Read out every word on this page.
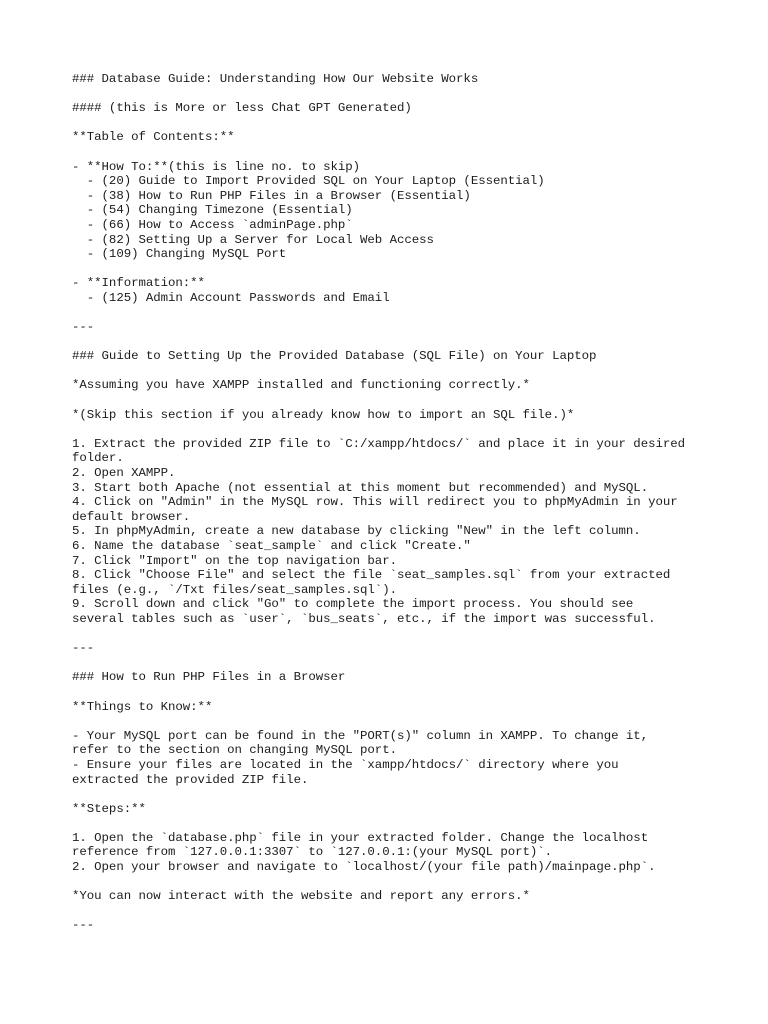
### Database Guide: Understanding How Our Website Works
#### (this is More or less Chat GPT Generated)
**Table of Contents:**
- **How To:**(this is line no. to skip)
- (20) Guide to Import Provided SQL on Your Laptop (Essential)
- (38) How to Run PHP Files in a Browser (Essential)
- (54) Changing Timezone (Essential)
- (66) How to Access `adminPage.php`
- (82) Setting Up a Server for Local Web Access
- (109) Changing MySQL Port
- **Information:**
- (125) Admin Account Passwords and Email
---
### Guide to Setting Up the Provided Database (SQL File) on Your Laptop
*Assuming you have XAMPP installed and functioning correctly.*
*(Skip this section if you already know how to import an SQL file.)*
1. Extract the provided ZIP file to `C:/xampp/htdocs/` and place it in your desired
folder.
2. Open XAMPP.
3. Start both Apache (not essential at this moment but recommended) and MySQL.
4. Click on "Admin" in the MySQL row. This will redirect you to phpMyAdmin in your
default browser.
5. In phpMyAdmin, create a new database by clicking "New" in the left column.
6. Name the database `seat_sample` and click "Create."
7. Click "Import" on the top navigation bar.
8. Click "Choose File" and select the file `seat_samples.sql` from your extracted
files (e.g., `/Txt files/seat_samples.sql`).
9. Scroll down and click "Go" to complete the import process. You should see
several tables such as `user`, `bus_seats`, etc., if the import was successful.
---
### How to Run PHP Files in a Browser
**Things to Know:**
- Your MySQL port can be found in the "PORT(s)" column in XAMPP. To change it,
refer to the section on changing MySQL port.
- Ensure your files are located in the `xampp/htdocs/` directory where you
extracted the provided ZIP file.
**Steps:**
1. Open the `database.php` file in your extracted folder. Change the localhost
reference from `127.0.0.1:3307` to `127.0.0.1:(your MySQL port)`.
2. Open your browser and navigate to `localhost/(your file path)/mainpage.php`.
*You can now interact with the website and report any errors.*
---
